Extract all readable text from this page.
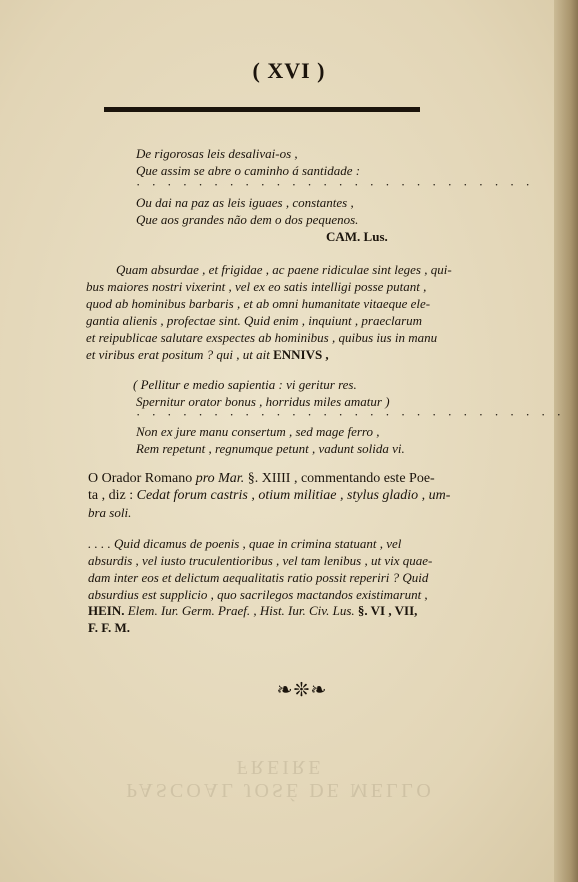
PASCOAL JOSÉ DE MELLO FREIRE
( XVI )
De rigorosas leis desalivai-os ,
Que assim se abre o caminho á santidade :
· · · · · · · · · · · · · · · · · · · · · · · · · ·
Ou dai na paz as leis iguaes , constantes ,
Que aos grandes não dem o dos pequenos.
CAM. Lus.
Quam absurdae , et frigidae , ac paene ridiculae sint leges , qui-
bus maiores nostri vixerint , vel ex eo satis intelligi posse putant ,
quod ab hominibus barbaris , et ab omni humanitate vitaeque ele-
gantia alienis , profectae sint. Quid enim , inquiunt , praeclarum
et reipublicae salutare exspectes ab hominibus , quibus ius in manu
et viribus erat positum ? qui , ut ait ENNIVS ,
( Pellitur e medio sapientia : vi geritur res.
Spernitur orator bonus , horridus miles amatur )
· · · · · · · · · · · · · · · · · · · · · · · · · · · ·
Non ex jure manu consertum , sed mage ferro ,
Rem repetunt , regnumque petunt , vadunt solida vi.
O Orador Romano pro Mar. §. XIIII , commentando este Poe-
ta , diz : Cedat forum castris , otium militiae , stylus gladio , um-
bra soli.
. . . . Quid dicamus de poenis , quae in crimina statuant , vel
absurdis , vel iusto truculentioribus , vel tam lenibus , ut vix quae-
dam inter eos et delictum aequalitatis ratio possit reperiri ? Quid
absurdius est supplicio , quo sacrilegos mactandos existimarunt ,
HEIN. Elem. Iur. Germ. Praef. , Hist. Iur. Civ. Lus. §. VI , VII,
F. F. M.
❧❊❧
